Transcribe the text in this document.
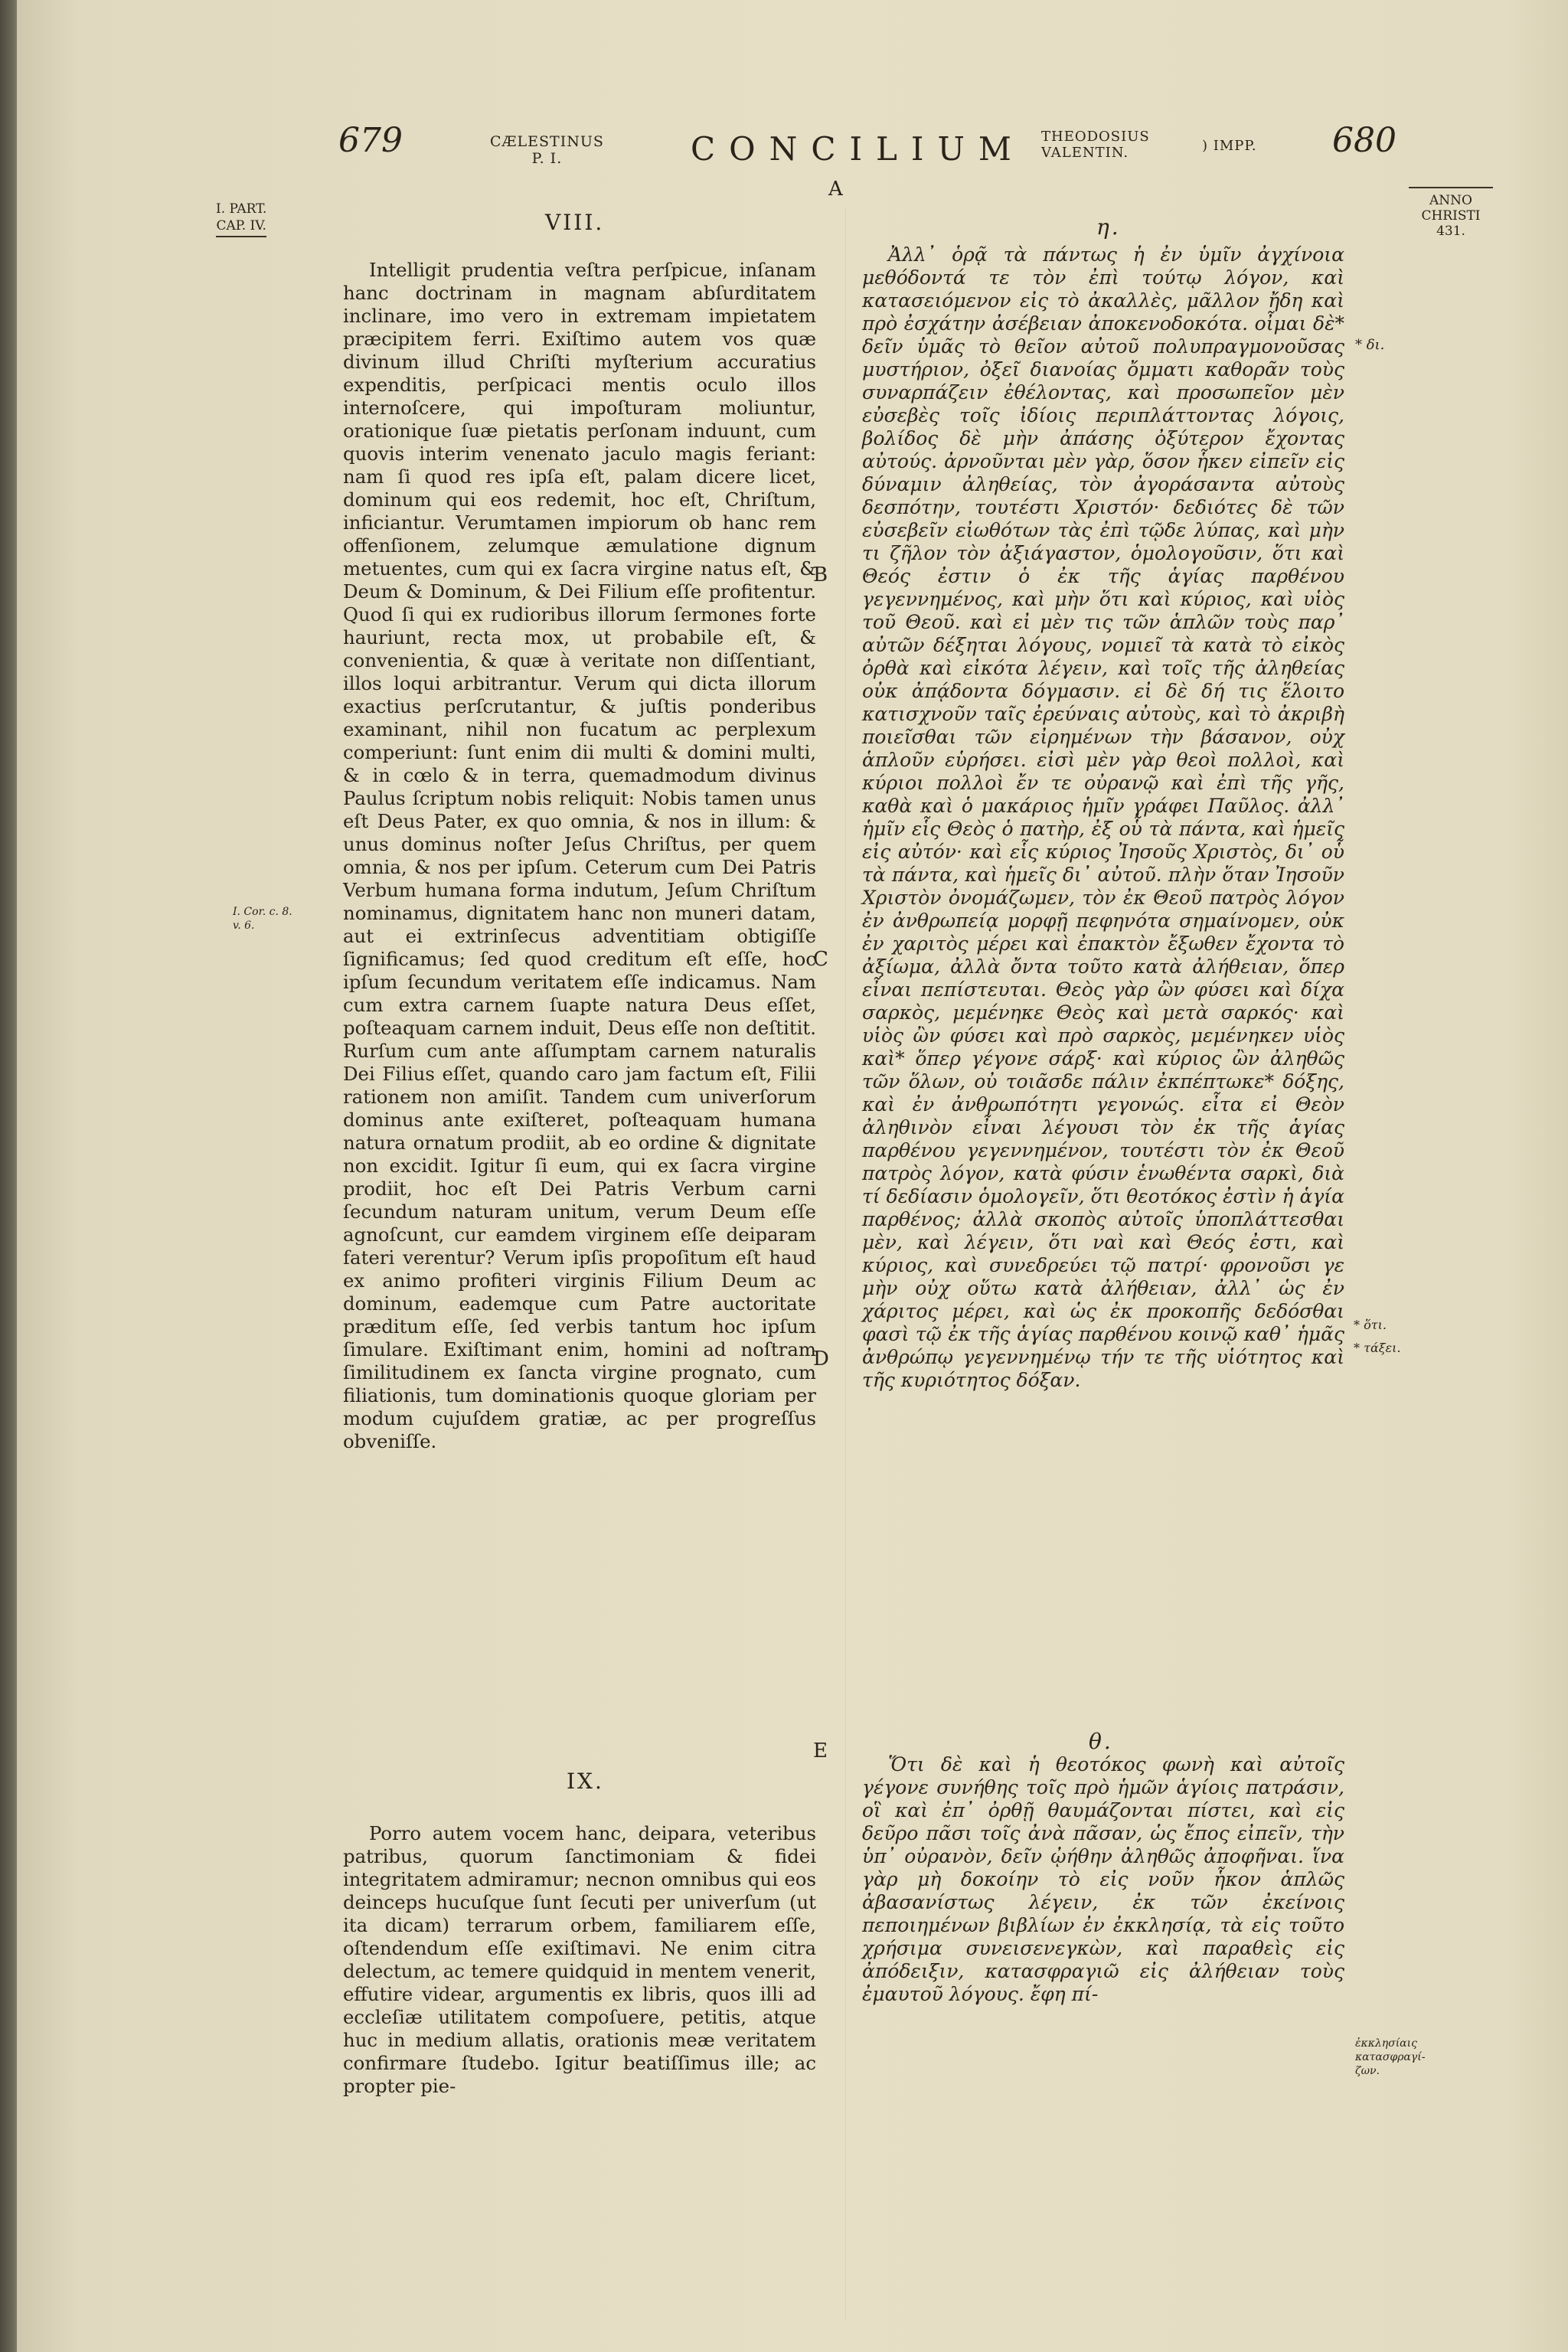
679	CÆLESTINUS
P. I.	CONCILIUM THEODOSIUS
VALENTIN.	) IMPP. 680
I. PART.
CAP. IV.
ANNO
CHRISTI
431.
A
B
C
D
E
VIII.

Intelligit prudentia veſtra perſpicue, inſanam hanc doctrinam in magnam abſurditatem inclinare, imo vero in extremam impietatem præcipitem ferri. Exiſtimo autem vos quæ divinum illud Chriſti myſterium accuratius expenditis, perſpicaci mentis oculo illos internoſcere, qui impoſturam moliuntur, orationique ſuæ pietatis perſonam induunt, cum quovis interim venenato jaculo magis feriant: nam ſi quod res ipſa eſt, palam dicere licet, dominum qui eos redemit, hoc eſt, Chriſtum, inficiantur. Verumtamen impiorum ob hanc rem offenſionem, zelumque æmulatione dignum metuentes, cum qui ex ſacra virgine natus eſt, & Deum & Dominum, & Dei Filium eſſe profitentur. Quod ſi qui ex rudioribus illorum ſermones forte hauriunt, recta mox, ut probabile eſt, & convenientia, & quæ à veritate non diſſentiant, illos loqui arbitrantur. Verum qui dicta illorum exactius perſcrutantur, & juſtis ponderibus examinant, nihil non fucatum ac perplexum comperiunt: ſunt enim dii multi & domini multi, & in cœlo & in terra, quemadmodum divinus Paulus ſcriptum nobis reliquit: Nobis tamen unus eſt Deus Pater, ex quo omnia, & nos in illum: & unus dominus noſter Jeſus Chriſtus, per quem omnia, & nos per ipſum. Ceterum cum Dei Patris Verbum humana forma indutum, Jeſum Chriſtum nominamus, dignitatem hanc non muneri datam, aut ei extrinſecus adventitiam obtigiſſe ſignificamus; ſed quod creditum eſt eſſe, hoc ipſum ſecundum veritatem eſſe indicamus. Nam cum extra carnem ſuapte natura Deus eſſet, poſteaquam carnem induit, Deus eſſe non deſtitit. Rurſum cum ante aſſumptam carnem naturalis Dei Filius eſſet, quando caro jam factum eſt, Filii rationem non amiſit. Tandem cum univerſorum dominus ante exiſteret, poſteaquam humana natura ornatum prodiit, ab eo ordine & dignitate non excidit. Igitur ſi eum, qui ex ſacra virgine prodiit, hoc eſt Dei Patris Verbum carni ſecundum naturam unitum, verum Deum eſſe agnoſcunt, cur eamdem virginem eſſe deiparam fateri verentur? Verum ipſis propoſitum eſt haud ex animo profiteri virginis Filium Deum ac dominum, eademque cum Patre auctoritate præditum eſſe, ſed verbis tantum hoc ipſum ſimulare. Exiſtimant enim, homini ad noſtram ſimilitudinem ex ſancta virgine prognato, cum filiationis, tum dominationis quoque gloriam per modum cujuſdem gratiæ, ac per progreſſus obveniſſe.

IX.

Porro autem vocem hanc, deipara, veteribus patribus, quorum ſanctimoniam & fidei integritatem admiramur; necnon omnibus qui eos deinceps hucuſque ſunt ſecuti per univerſum (ut ita dicam) terrarum orbem, familiarem eſſe, oſtendendum eſſe exiſtimavi. Ne enim citra delectum, ac temere quidquid in mentem venerit, effutire videar, argumentis ex libris, quos illi ad eccleſiæ utilitatem compoſuere, petitis, atque huc in medium allatis, orationis meæ veritatem confirmare ſtudebo. Igitur beatiſſimus ille; ac propter pie-

I. Cor. c. 8.
v. 6.
η.

Ἀλλ᾽ ὁρᾷ τὰ πάντως ἡ ἐν ὑμῖν ἀγχίνοια μεθόδοντά τε τὸν ἐπὶ τούτῳ λόγον, καὶ κατασειόμενον εἰς τὸ ἀκαλλὲς, μᾶλλον ἤδη καὶ πρὸ ἐσχάτην ἀσέβειαν ἀποκενοδοκότα. οἶμαι δὲ* δεῖν ὑμᾶς τὸ θεῖον αὐτοῦ πολυπραγμονοῦσας μυστήριον, ὀξεῖ διανοίας ὄμματι καθορᾶν τοὺς συναρπάζειν ἐθέλοντας, καὶ προσωπεῖον μὲν εὐσεβὲς τοῖς ἰδίοις περιπλάττοντας λόγοις, βολίδος δὲ μὴν ἀπάσης ὀξύτερον ἔχοντας αὐτούς. ἀρνοῦνται μὲν γὰρ, ὅσον ἧκεν εἰπεῖν εἰς δύναμιν ἀληθείας, τὸν ἀγοράσαντα αὐτοὺς δεσπότην, τουτέστι Χριστόν· δεδιότες δὲ τῶν εὐσεβεῖν εἰωθότων τὰς ἐπὶ τῷδε λύπας, καὶ μὴν τι ζῆλον τὸν ἀξιάγαστον, ὁμολογοῦσιν, ὅτι καὶ Θεός ἐστιν ὁ ἐκ τῆς ἁγίας παρθένου γεγεννημένος, καὶ μὴν ὅτι καὶ κύριος, καὶ υἱὸς τοῦ Θεοῦ. καὶ εἰ μὲν τις τῶν ἁπλῶν τοὺς παρ᾽ αὐτῶν δέξηται λόγους, νομιεῖ τὰ κατὰ τὸ εἰκὸς ὀρθὰ καὶ εἰκότα λέγειν, καὶ τοῖς τῆς ἀληθείας οὐκ ἀπᾴδοντα δόγμασιν. εἰ δὲ δή τις ἕλοιτο κατισχνοῦν ταῖς ἐρεύναις αὐτοὺς, καὶ τὸ ἀκριβὴ ποιεῖσθαι τῶν εἰρημένων τὴν βάσανον, οὐχ ἁπλοῦν εὑρήσει. εἰσὶ μὲν γὰρ θεοὶ πολλοὶ, καὶ κύριοι πολλοὶ ἔν τε οὐρανῷ καὶ ἐπὶ τῆς γῆς, καθὰ καὶ ὁ μακάριος ἡμῖν γράφει Παῦλος. ἀλλ᾽ ἡμῖν εἷς Θεὸς ὁ πατὴρ, ἐξ οὗ τὰ πάντα, καὶ ἡμεῖς εἰς αὐτόν· καὶ εἷς κύριος Ἰησοῦς Χριστὸς, δι᾽ οὗ τὰ πάντα, καὶ ἡμεῖς δι᾽ αὐτοῦ. πλὴν ὅταν Ἰησοῦν Χριστὸν ὀνομάζωμεν, τὸν ἐκ Θεοῦ πατρὸς λόγον ἐν ἀνθρωπείᾳ μορφῇ πεφηνότα σημαίνομεν, οὐκ ἐν χαριτὸς μέρει καὶ ἐπακτὸν ἔξωθεν ἔχοντα τὸ ἀξίωμα, ἀλλὰ ὄντα τοῦτο κατὰ ἀλήθειαν, ὅπερ εἶναι πεπίστευται. Θεὸς γὰρ ὢν φύσει καὶ δίχα σαρκὸς, μεμένηκε Θεὸς καὶ μετὰ σαρκός· καὶ υἱὸς ὢν φύσει καὶ πρὸ σαρκὸς, μεμένηκεν υἱὸς καὶ* ὅπερ γέγονε σάρξ· καὶ κύριος ὢν ἀληθῶς τῶν ὅλων, οὐ τοιᾶσδε πάλιν ἐκπέπτωκε* δόξης, καὶ ἐν ἀνθρωπότητι γεγονώς. εἶτα εἰ Θεὸν ἀληθινὸν εἶναι λέγουσι τὸν ἐκ τῆς ἁγίας παρθένου γεγεννημένον, τουτέστι τὸν ἐκ Θεοῦ πατρὸς λόγον, κατὰ φύσιν ἑνωθέντα σαρκὶ, διὰ τί δεδίασιν ὁμολογεῖν, ὅτι θεοτόκος ἐστὶν ἡ ἁγία παρθένος; ἀλλὰ σκοπὸς αὐτοῖς ὑποπλάττεσθαι μὲν, καὶ λέγειν, ὅτι ναὶ καὶ Θεός ἐστι, καὶ κύριος, καὶ συνεδρεύει τῷ πατρί· φρονοῦσι γε μὴν οὐχ οὕτω κατὰ ἀλήθειαν, ἀλλ᾽ ὡς ἐν χάριτος μέρει, καὶ ὡς ἐκ προκοπῆς δεδόσθαι φασὶ τῷ ἐκ τῆς ἁγίας παρθένου κοινῷ καθ᾽ ἡμᾶς ἀνθρώπῳ γεγεννημένῳ τήν τε τῆς υἱότητος καὶ τῆς κυριότητος δόξαν.

θ.

Ὅτι δὲ καὶ ἡ θεοτόκος φωνὴ καὶ αὐτοῖς γέγονε συνήθης τοῖς πρὸ ἡμῶν ἁγίοις πατράσιν, οἳ καὶ ἐπ᾽ ὀρθῇ θαυμάζονται πίστει, καὶ εἰς δεῦρο πᾶσι τοῖς ἀνὰ πᾶσαν, ὡς ἔπος εἰπεῖν, τὴν ὑπ᾽ οὐρανὸν, δεῖν ᾠήθην ἀληθῶς ἀποφῆναι. ἵνα γὰρ μὴ δοκοίην τὸ εἰς νοῦν ἧκον ἁπλῶς ἀβασανίστως λέγειν, ἐκ τῶν ἐκείνοις πεποιημένων βιβλίων ἐν ἐκκλησίᾳ, τὰ εἰς τοῦτο χρήσιμα συνεισενεγκὼν, καὶ παραθεὶς εἰς ἀπόδειξιν, κατασφραγιῶ εἰς ἀλήθειαν τοὺς ἐμαυτοῦ λόγους. ἔφη πί-

* δι.
* ὅτι.
* τάξει.
ἐκκλησίαις
κατασφραγί-
ζων.
